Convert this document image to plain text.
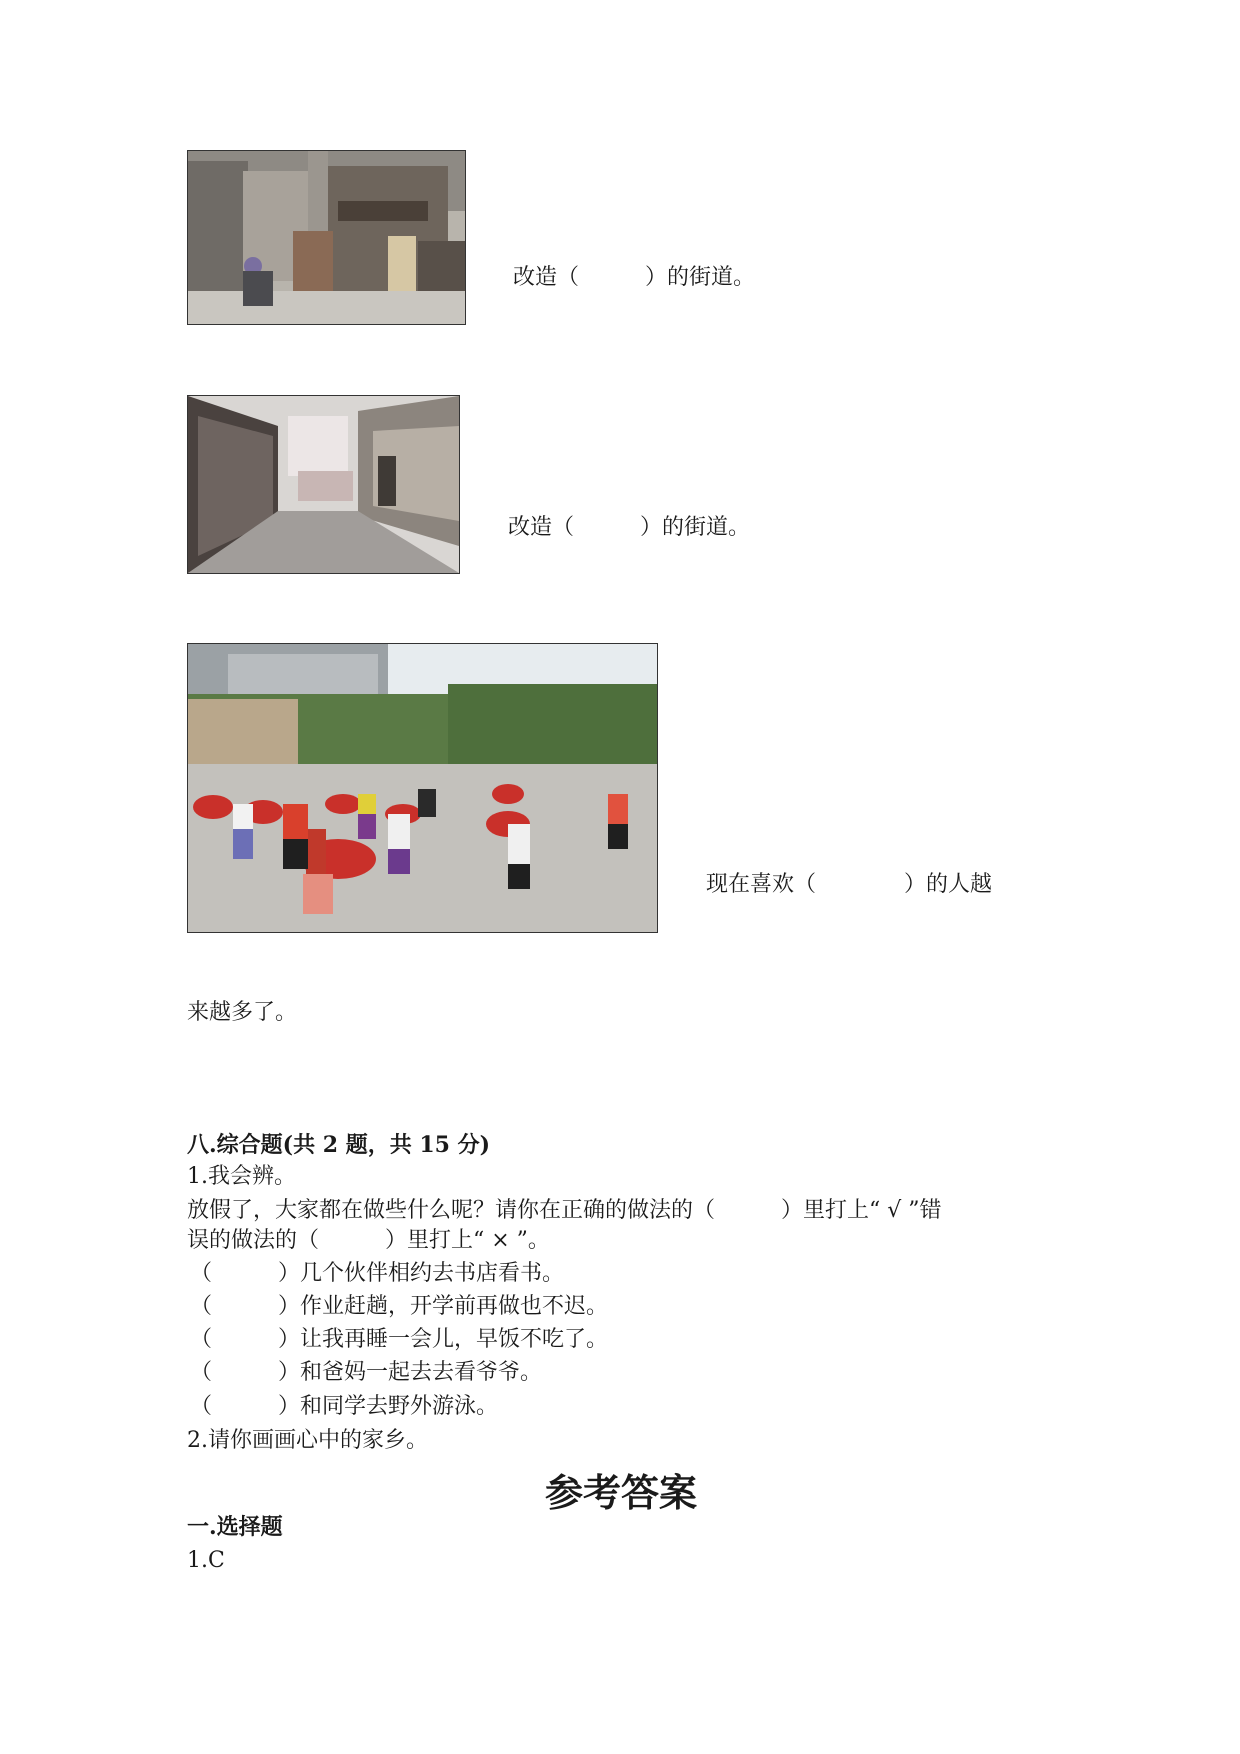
改造（　　　）的街道。
改造（　　　）的街道。
现在喜欢（　　　　）的人越
来越多了。
八.综合题(共 2 题，共 15 分)
1.我会辨。
放假了，大家都在做些什么呢？请你在正确的做法的（　　　）里打上“ √ ”错
误的做法的（　　　）里打上“ × ”。
（　　　）几个伙伴相约去书店看书。
（　　　）作业赶趟，开学前再做也不迟。
（　　　）让我再睡一会儿，早饭不吃了。
（　　　）和爸妈一起去去看爷爷。
（　　　）和同学去野外游泳。
2.请你画画心中的家乡。
参考答案
一.选择题
1.C
